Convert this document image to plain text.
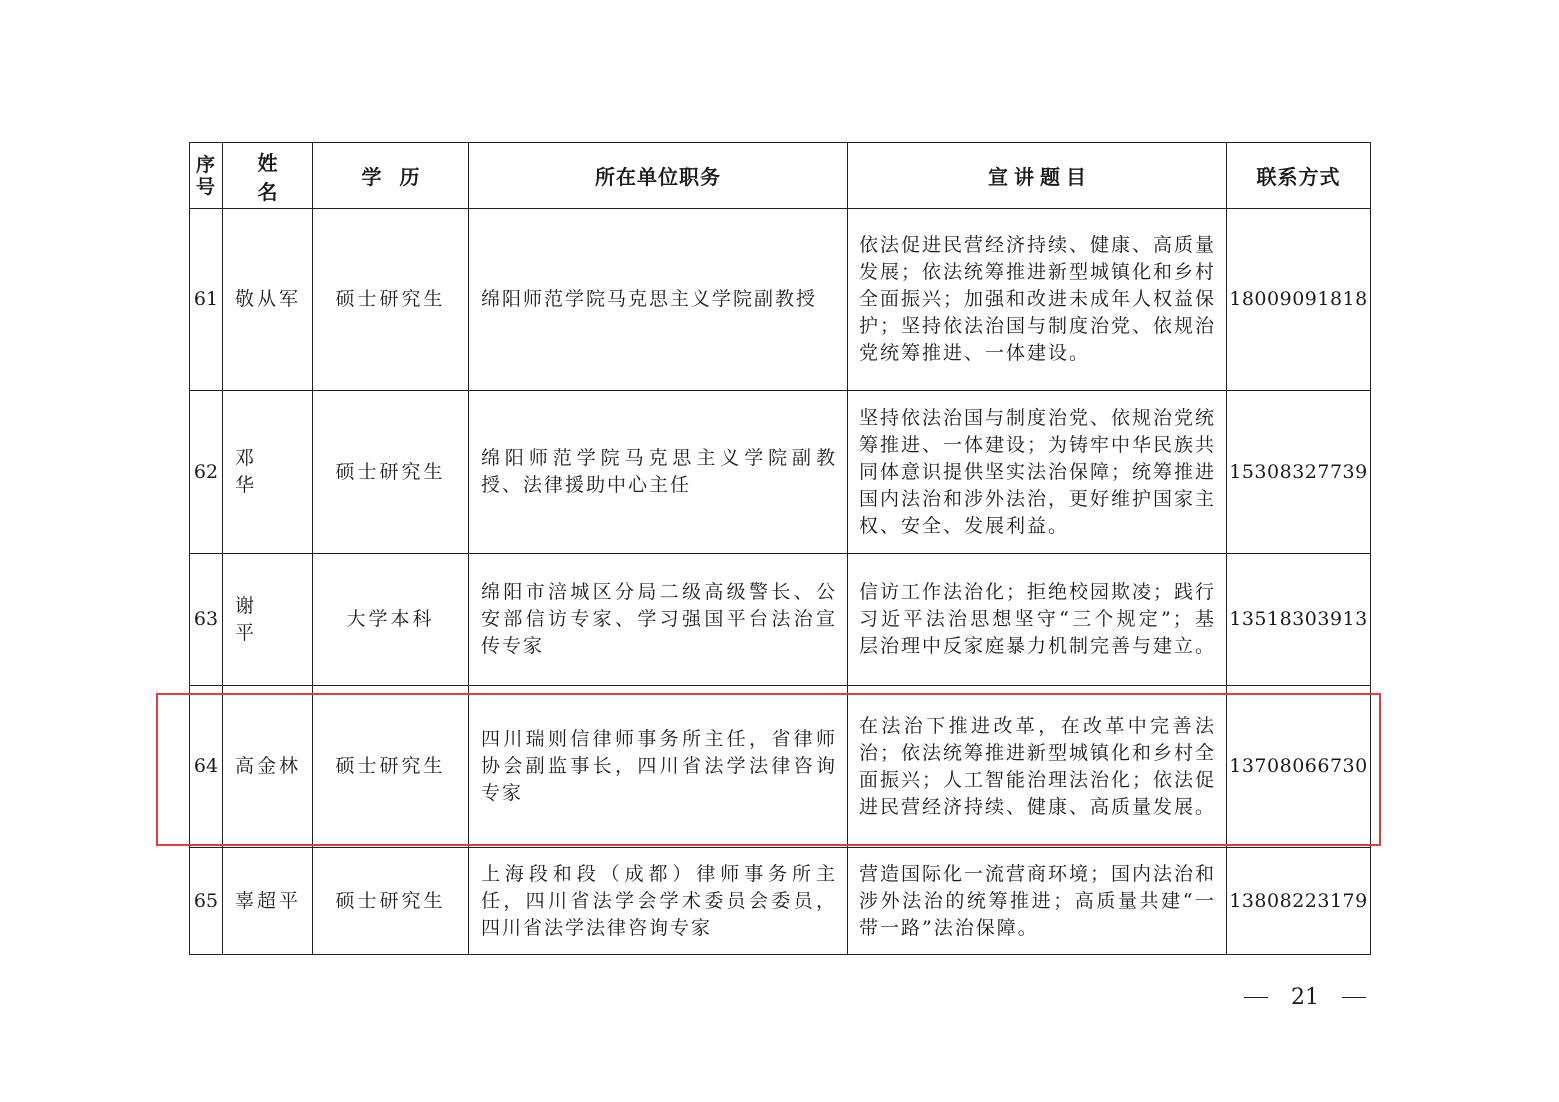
序号	姓名	学历	所在单位职务	宣讲题目	联系方式
61	敬从军	硕士研究生	绵阳师范学院马克思主义学院副教授	依法促进民营经济持续、健康、高质量发展；依法统筹推进新型城镇化和乡村全面振兴；加强和改进未成年人权益保护；坚持依法治国与制度治党、依规治党统筹推进、一体建设。	18009091818
62	邓华	硕士研究生	绵阳师范学院马克思主义学院副教授、法律援助中心主任	坚持依法治国与制度治党、依规治党统筹推进、一体建设；为铸牢中华民族共同体意识提供坚实法治保障；统筹推进国内法治和涉外法治，更好维护国家主权、安全、发展利益。	15308327739
63	谢平	大学本科	绵阳市涪城区分局二级高级警长、公安部信访专家、学习强国平台法治宣传专家	信访工作法治化；拒绝校园欺凌；践行习近平法治思想坚守“三个规定”；基层治理中反家庭暴力机制完善与建立。	13518303913
64	高金林	硕士研究生	四川瑞则信律师事务所主任，省律师协会副监事长，四川省法学法律咨询专家	在法治下推进改革，在改革中完善法治；依法统筹推进新型城镇化和乡村全面振兴；人工智能治理法治化；依法促进民营经济持续、健康、高质量发展。	13708066730
65	辜超平	硕士研究生	上海段和段（成都）律师事务所主任，四川省法学会学术委员会委员，四川省法学法律咨询专家	营造国际化一流营商环境；国内法治和涉外法治的统筹推进；高质量共建“一带一路”法治保障。	13808223179
21
